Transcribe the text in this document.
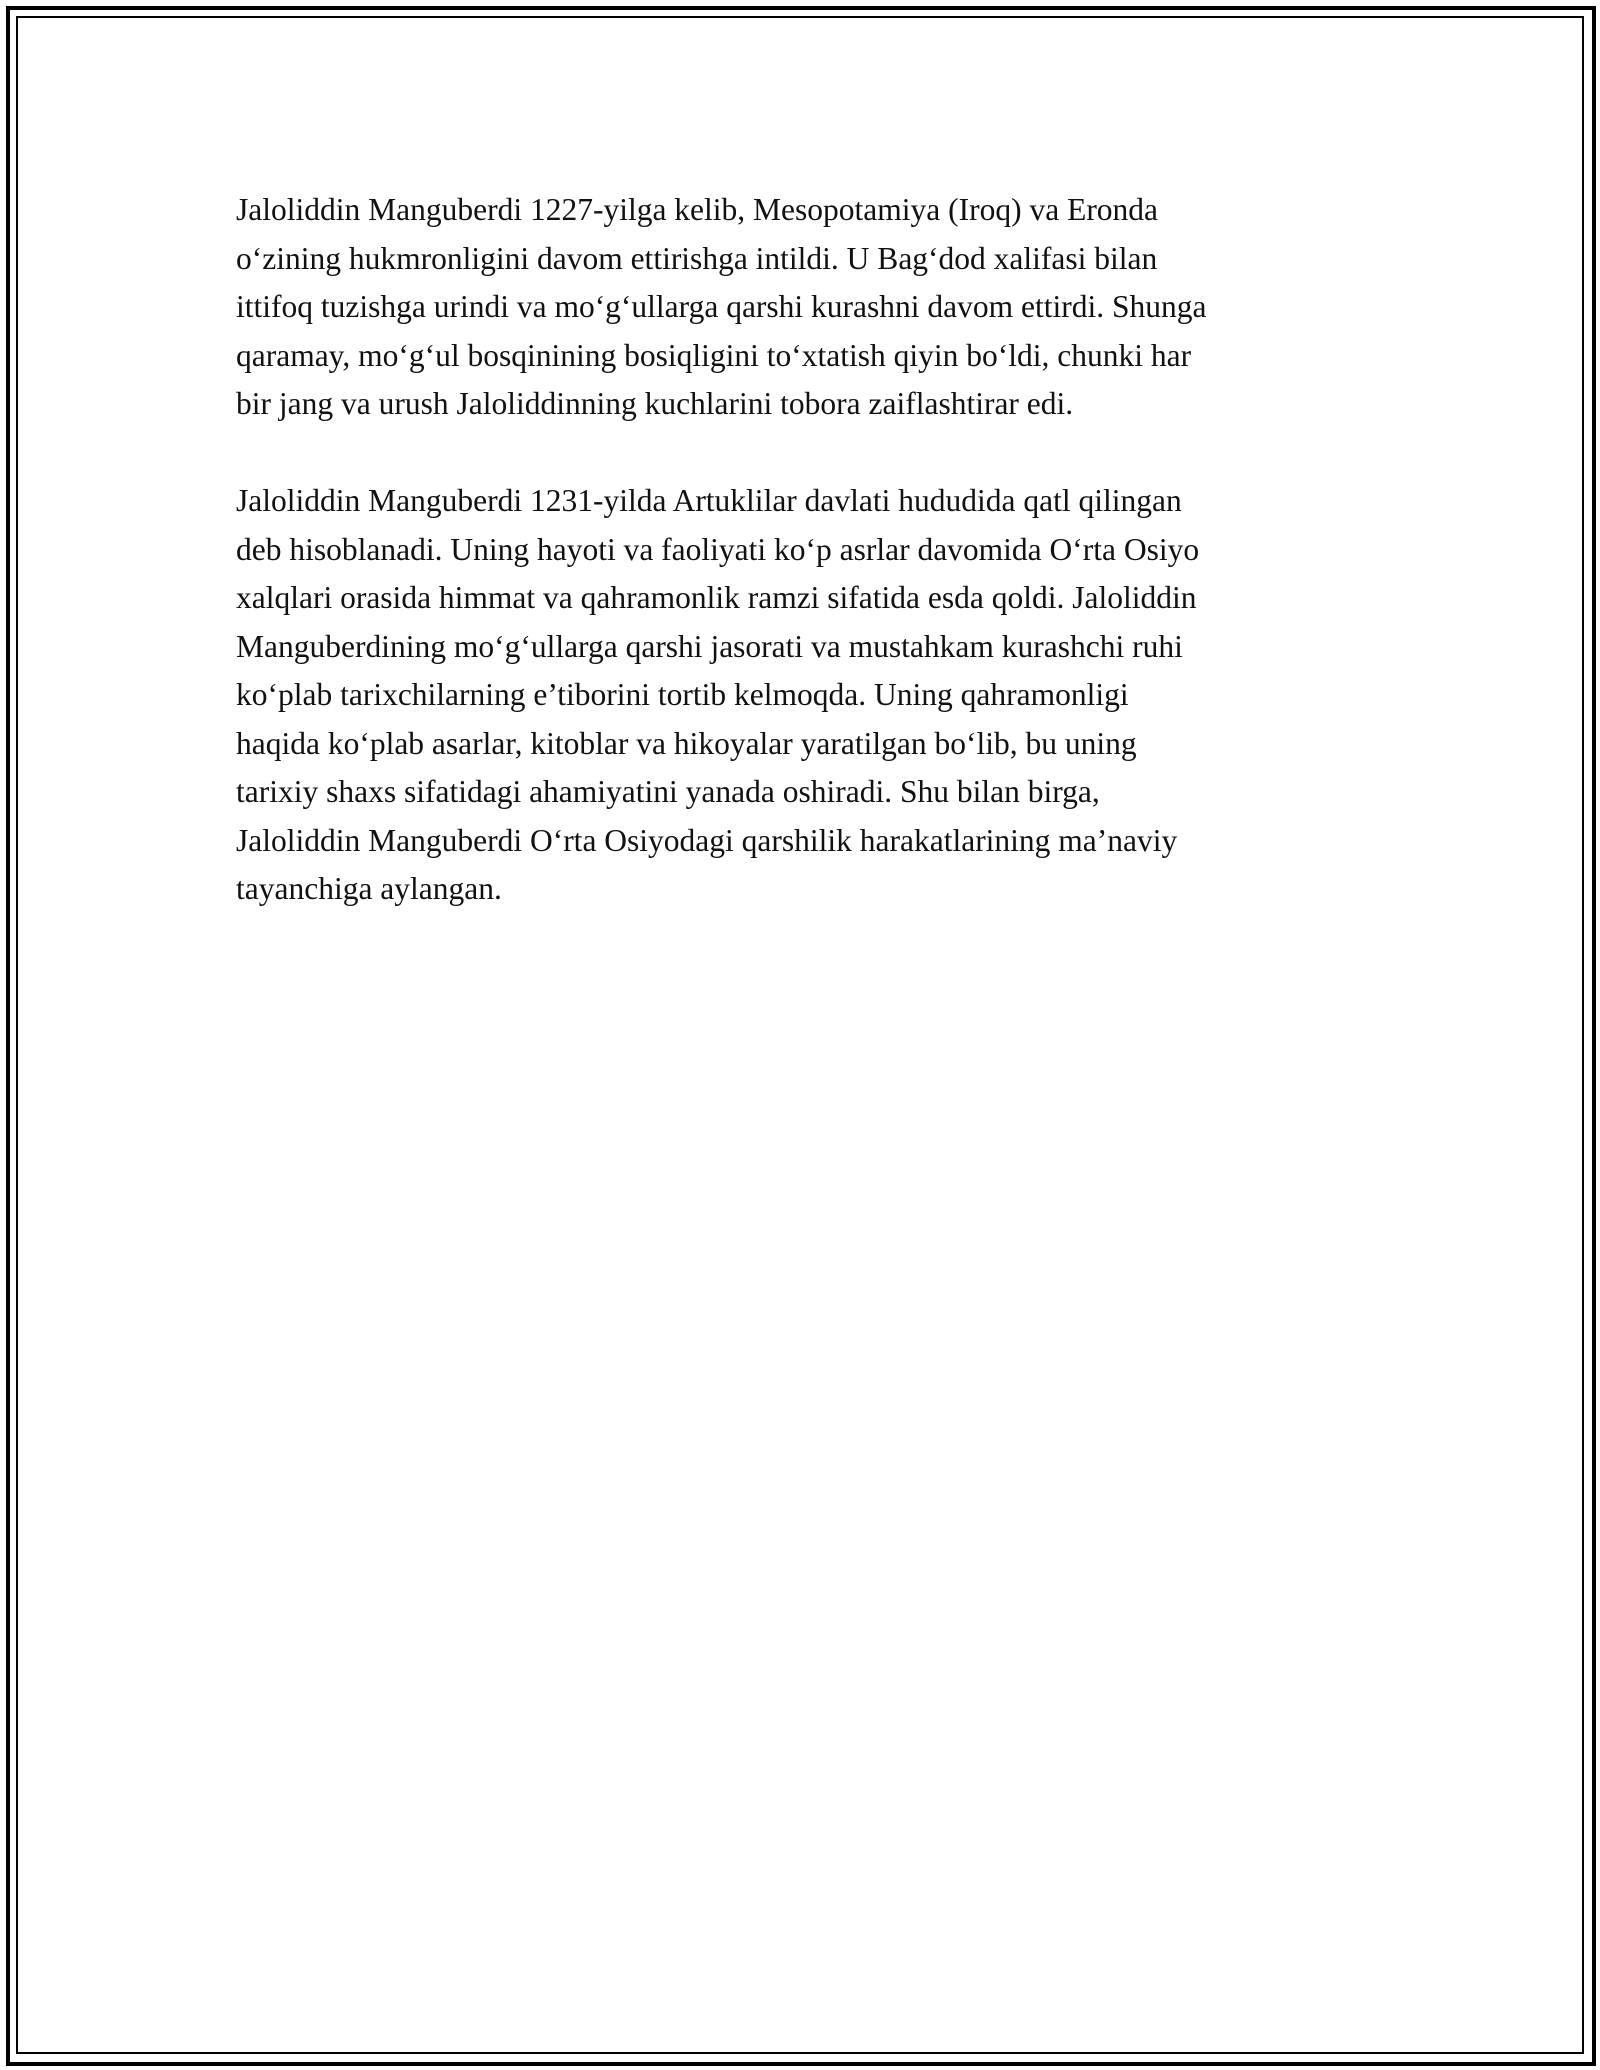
Jaloliddin Manguberdi 1227-yilga kelib, Mesopotamiya (Iroq) va Eronda
o‘zining hukmronligini davom ettirishga intildi. U Bag‘dod xalifasi bilan
ittifoq tuzishga urindi va mo‘g‘ullarga qarshi kurashni davom ettirdi. Shunga
qaramay, mo‘g‘ul bosqinining bosiqligini to‘xtatish qiyin bo‘ldi, chunki har
bir jang va urush Jaloliddinning kuchlarini tobora zaiflashtirar edi.

Jaloliddin Manguberdi 1231-yilda Artuklilar davlati hududida qatl qilingan
deb hisoblanadi. Uning hayoti va faoliyati ko‘p asrlar davomida O‘rta Osiyo
xalqlari orasida himmat va qahramonlik ramzi sifatida esda qoldi. Jaloliddin
Manguberdining mo‘g‘ullarga qarshi jasorati va mustahkam kurashchi ruhi
ko‘plab tarixchilarning e’tiborini tortib kelmoqda. Uning qahramonligi
haqida ko‘plab asarlar, kitoblar va hikoyalar yaratilgan bo‘lib, bu uning
tarixiy shaxs sifatidagi ahamiyatini yanada oshiradi. Shu bilan birga,
Jaloliddin Manguberdi O‘rta Osiyodagi qarshilik harakatlarining ma’naviy
tayanchiga aylangan.
